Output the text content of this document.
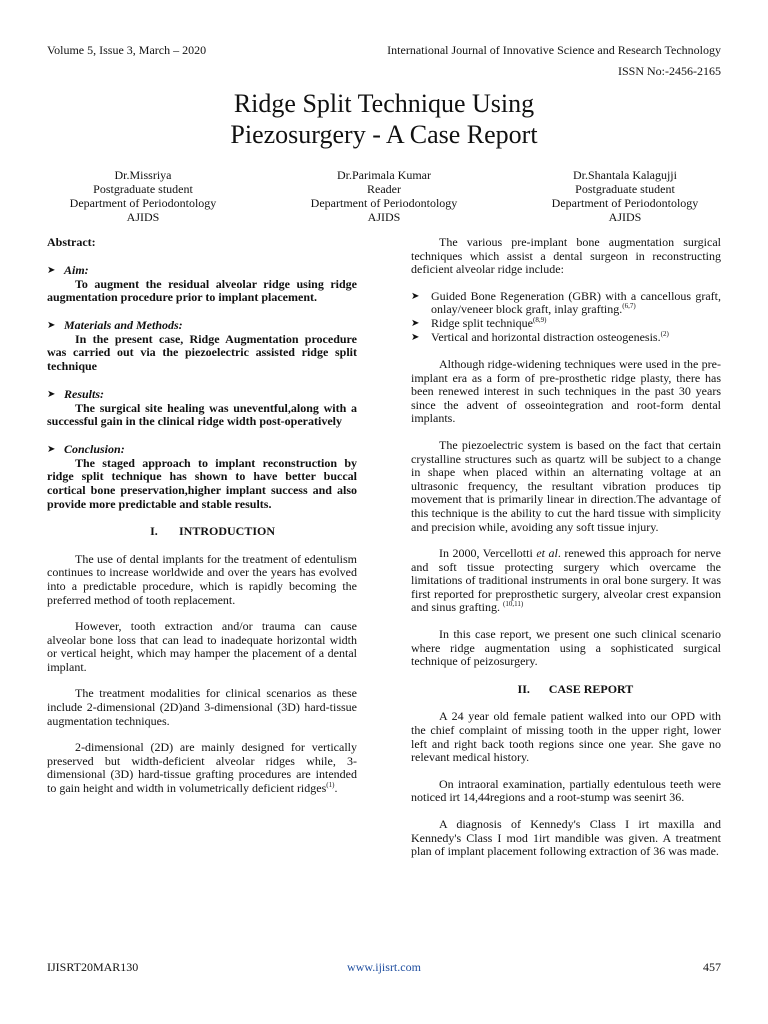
Volume 5, Issue 3, March – 2020	International Journal of Innovative Science and Research Technology
ISSN No:-2456-2165
Ridge Split Technique Using
Piezosurgery - A Case Report
Dr.Missriya
Postgraduate student
Department of Periodontology
AJIDS
Dr.Parimala Kumar
Reader
Department of Periodontology
AJIDS
Dr.Shantala Kalagujji
Postgraduate student
Department of Periodontology
AJIDS

Abstract:

➤ Aim:

To augment the residual alveolar ridge using ridge augmentation procedure prior to implant placement.

➤ Materials and Methods:

In the present case, Ridge Augmentation procedure was carried out via the piezoelectric assisted ridge split technique

➤ Results:

The surgical site healing was uneventful,along with a successful gain in the clinical ridge width post-operatively

➤ Conclusion:

The staged approach to implant reconstruction by ridge split technique has shown to have better buccal cortical bone preservation,higher implant success and also provide more predictable and stable results.

I. INTRODUCTION

The use of dental implants for the treatment of edentulism continues to increase worldwide and over the years has evolved into a predictable procedure, which is rapidly becoming the preferred method of tooth replacement.

However, tooth extraction and/or trauma can cause alveolar bone loss that can lead to inadequate horizontal width or vertical height, which may hamper the placement of a dental implant.

The treatment modalities for clinical scenarios as these include 2-dimensional (2D)and 3-dimensional (3D) hard-tissue augmentation techniques.

2-dimensional (2D) are mainly designed for vertically preserved but width-deficient alveolar ridges while, 3-dimensional (3D) hard-tissue grafting procedures are intended to gain height and width in volumetrically deficient ridges$^{(1)}$.

The various pre-implant bone augmentation surgical techniques which assist a dental surgeon in reconstructing deficient alveolar ridge include:

➤ Guided Bone Regeneration (GBR) with a cancellous graft, onlay/veneer block graft, inlay grafting.$^{(6,7)}$
➤ Ridge split technique$^{(8,9)}$
➤ Vertical and horizontal distraction osteogenesis.$^{(2)}$

Although ridge-widening techniques were used in the pre-implant era as a form of pre-prosthetic ridge plasty, there has been renewed interest in such techniques in the past 30 years since the advent of osseointegration and root-form dental implants.

The piezoelectric system is based on the fact that certain crystalline structures such as quartz will be subject to a change in shape when placed within an alternating voltage at an ultrasonic frequency, the resultant vibration produces tip movement that is primarily linear in direction.The advantage of this technique is the ability to cut the hard tissue with simplicity and precision while, avoiding any soft tissue injury.

In 2000, Vercellotti et al. renewed this approach for nerve and soft tissue protecting surgery which overcame the limitations of traditional instruments in oral bone surgery. It was first reported for preprosthetic surgery, alveolar crest expansion and sinus grafting. $^{(10,11)}$

In this case report, we present one such clinical scenario where ridge augmentation using a sophisticated surgical technique of peizosurgery.

II. CASE REPORT

A 24 year old female patient walked into our OPD with the chief complaint of missing tooth in the upper right, lower left and right back tooth regions since one year. She gave no relevant medical history.

On intraoral examination, partially edentulous teeth were noticed irt 14,44regions and a root-stump was seenirt 36.

A diagnosis of Kennedy's Class I irt maxilla and Kennedy's Class I mod 1irt mandible was given. A treatment plan of implant placement following extraction of 36 was made.

IJISRT20MAR130	www.ijisrt.com	457
